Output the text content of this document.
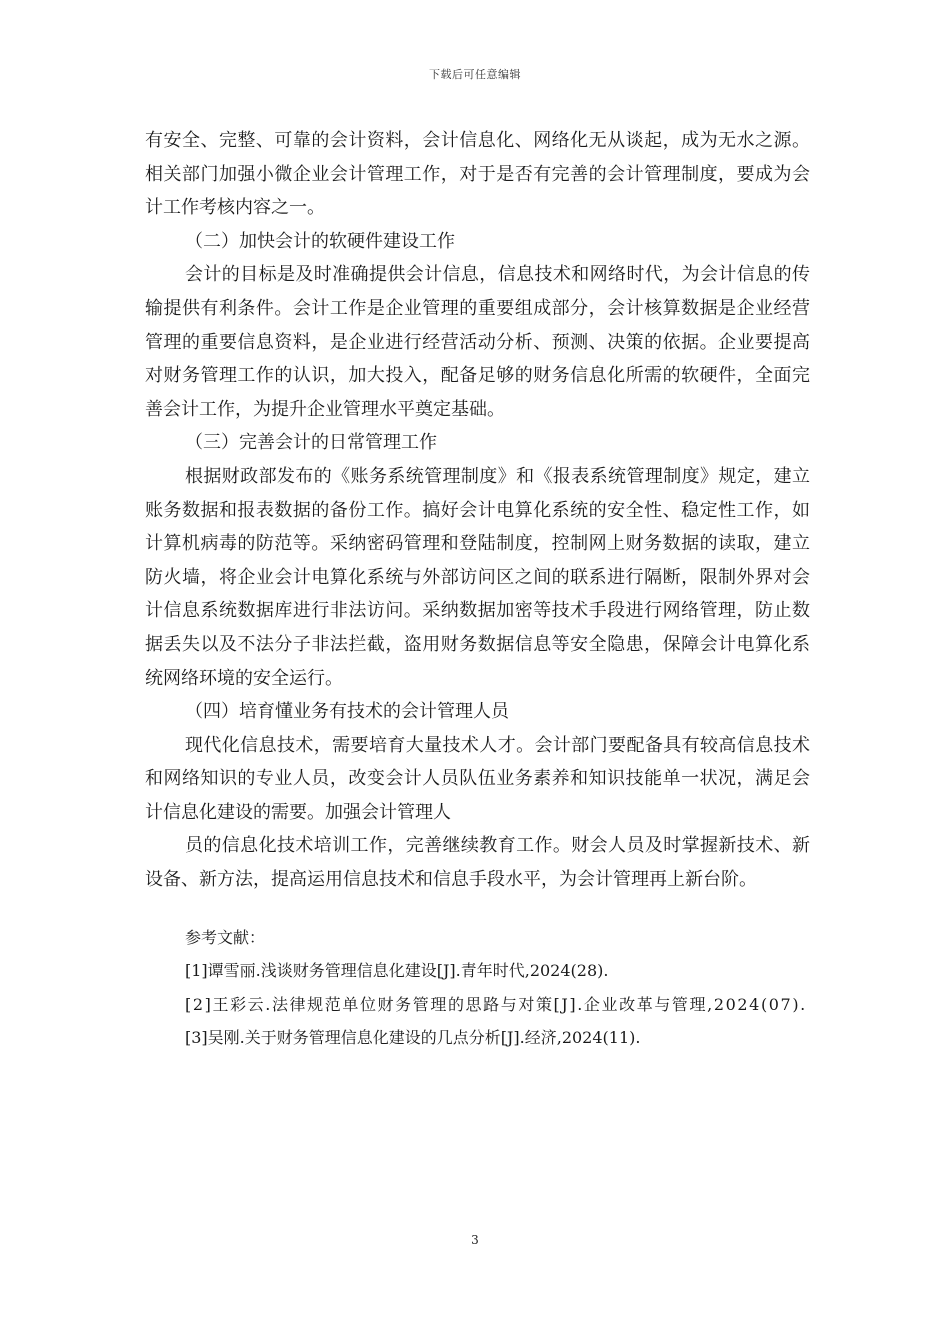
下载后可任意编辑

有安全、完整、可靠的会计资料，会计信息化、网络化无从谈起，成为无水之源。相关部门加强小微企业会计管理工作，对于是否有完善的会计管理制度，要成为会计工作考核内容之一。

（二）加快会计的软硬件建设工作

会计的目标是及时准确提供会计信息，信息技术和网络时代，为会计信息的传输提供有利条件。会计工作是企业管理的重要组成部分，会计核算数据是企业经营管理的重要信息资料，是企业进行经营活动分析、预测、决策的依据。企业要提高对财务管理工作的认识，加大投入，配备足够的财务信息化所需的软硬件，全面完善会计工作，为提升企业管理水平奠定基础。

（三）完善会计的日常管理工作

根据财政部发布的《账务系统管理制度》和《报表系统管理制度》规定，建立账务数据和报表数据的备份工作。搞好会计电算化系统的安全性、稳定性工作，如计算机病毒的防范等。采纳密码管理和登陆制度，控制网上财务数据的读取，建立防火墙，将企业会计电算化系统与外部访问区之间的联系进行隔断，限制外界对会计信息系统数据库进行非法访问。采纳数据加密等技术手段进行网络管理，防止数据丢失以及不法分子非法拦截，盗用财务数据信息等安全隐患，保障会计电算化系统网络环境的安全运行。

（四）培育懂业务有技术的会计管理人员

现代化信息技术，需要培育大量技术人才。会计部门要配备具有较高信息技术和网络知识的专业人员，改变会计人员队伍业务素养和知识技能单一状况，满足会计信息化建设的需要。加强会计管理人

员的信息化技术培训工作，完善继续教育工作。财会人员及时掌握新技术、新设备、新方法，提高运用信息技术和信息手段水平，为会计管理再上新台阶。

参考文献：

[1]谭雪丽.浅谈财务管理信息化建设[J].青年时代,2024(28).

[2]王彩云.法律规范单位财务管理的思路与对策[J].企业改革与管理,2024(07).

[3]吴刚.关于财务管理信息化建设的几点分析[J].经济,2024(11).

3
